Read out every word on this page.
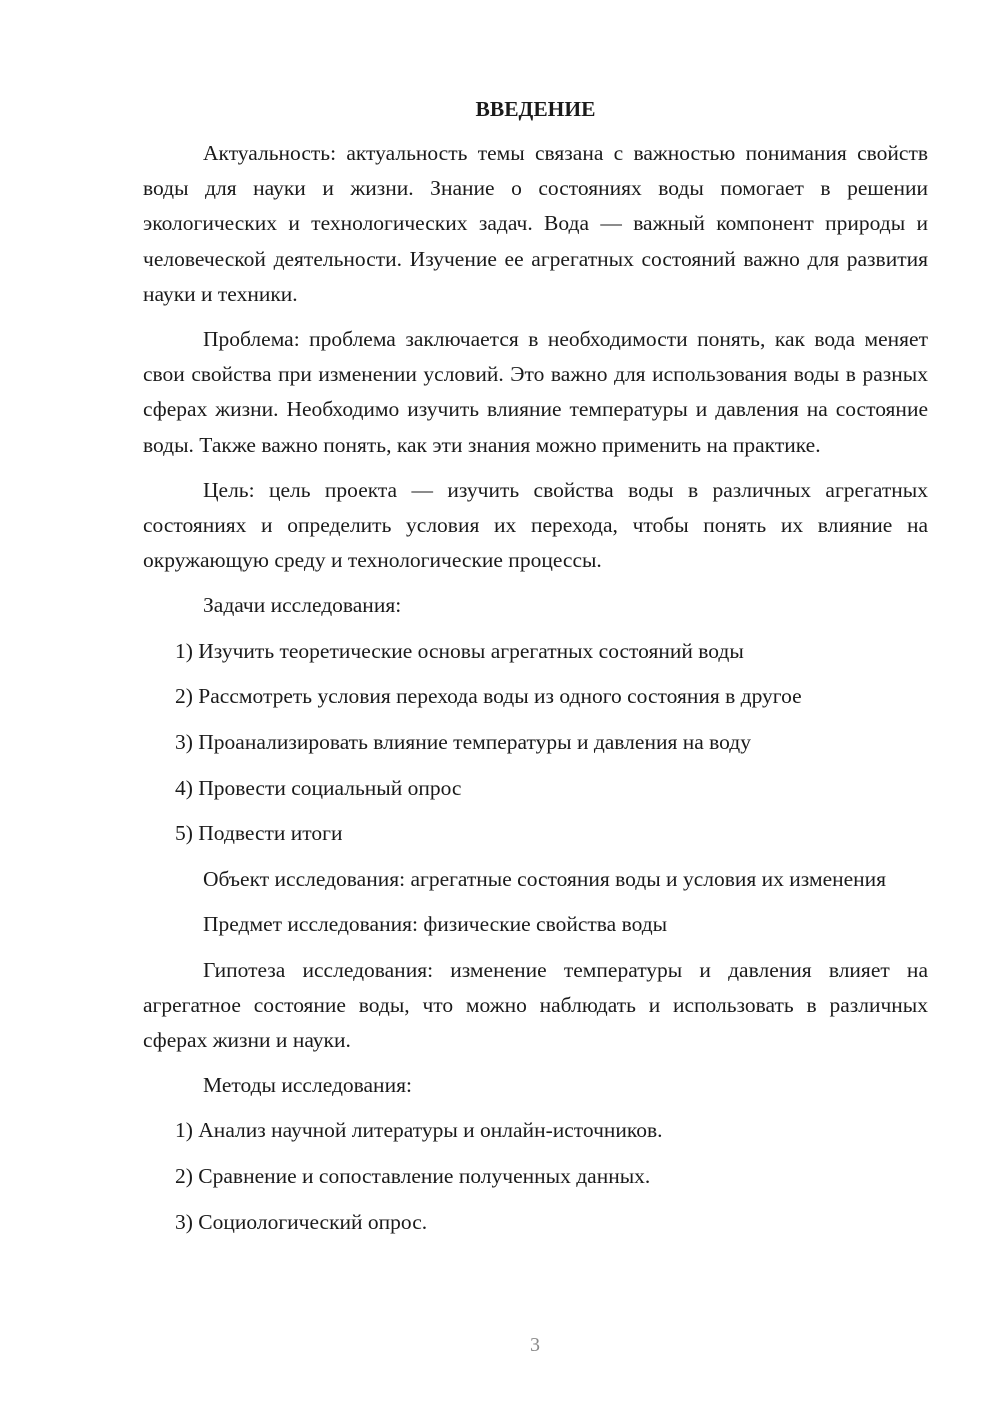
ВВЕДЕНИЕ
Актуальность: актуальность темы связана с важностью понимания свойств воды для науки и жизни. Знание о состояниях воды помогает в решении экологических и технологических задач. Вода — важный компонент природы и человеческой деятельности. Изучение ее агрегатных состояний важно для развития науки и техники.
Проблема: проблема заключается в необходимости понять, как вода меняет свои свойства при изменении условий. Это важно для использования воды в разных сферах жизни. Необходимо изучить влияние температуры и давления на состояние воды. Также важно понять, как эти знания можно применить на практике.
Цель: цель проекта — изучить свойства воды в различных агрегатных состояниях и определить условия их перехода, чтобы понять их влияние на окружающую среду и технологические процессы.
Задачи исследования:
1) Изучить теоретические основы агрегатных состояний воды
2) Рассмотреть условия перехода воды из одного состояния в другое
3) Проанализировать влияние температуры и давления на воду
4) Провести социальный опрос
5) Подвести итоги
Объект исследования: агрегатные состояния воды и условия их изменения
Предмет исследования: физические свойства воды
Гипотеза исследования: изменение температуры и давления влияет на агрегатное состояние воды, что можно наблюдать и использовать в различных сферах жизни и науки.
Методы исследования:
1) Анализ научной литературы и онлайн-источников.
2) Сравнение и сопоставление полученных данных.
3) Социологический опрос.
3
